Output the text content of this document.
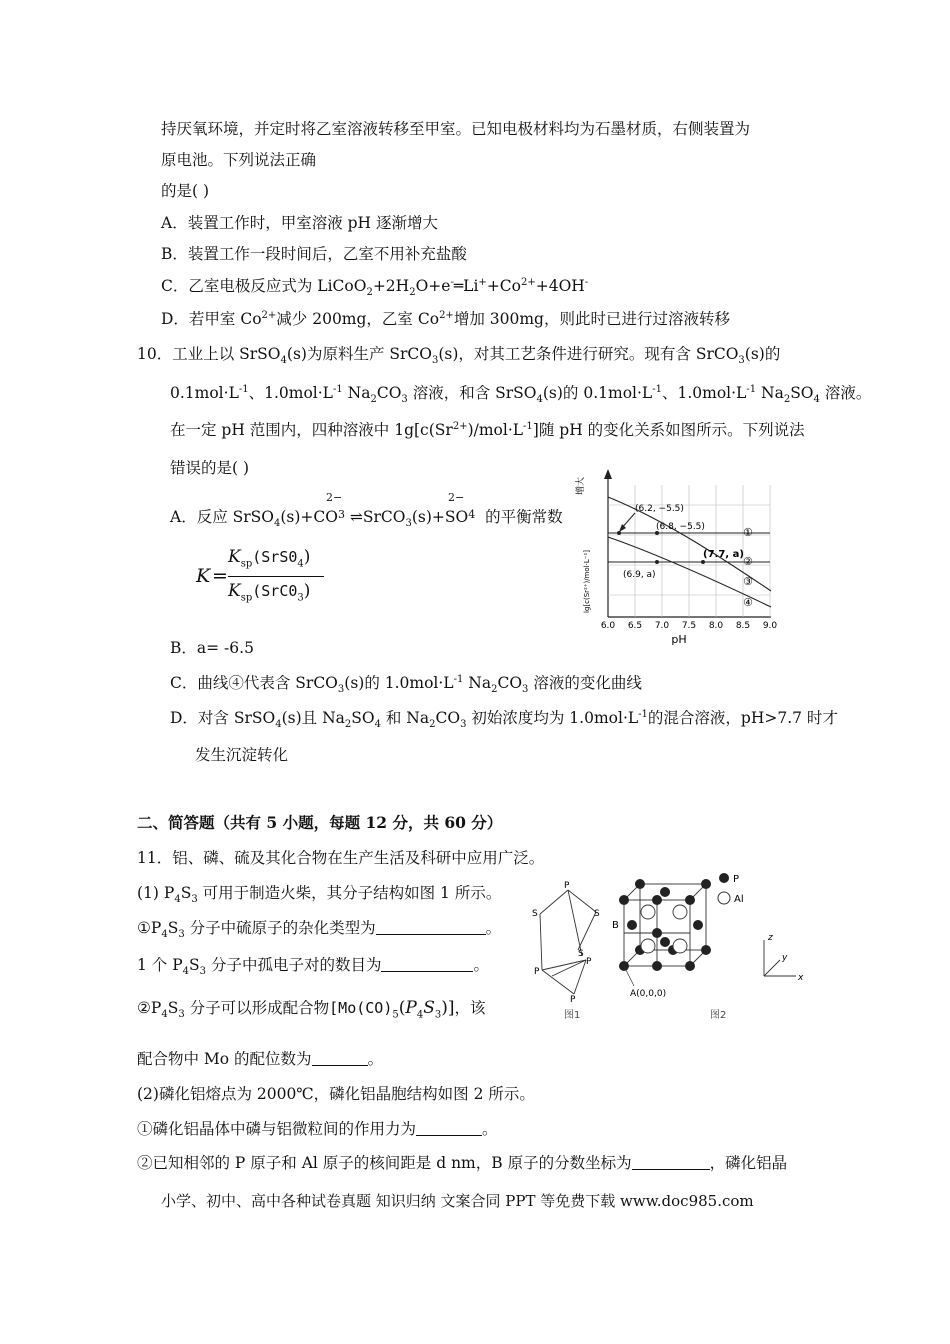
持厌氧环境，并定时将乙室溶液转移至甲室。已知电极材料均为石墨材质，右侧装置为
原电池。下列说法正确
的是( )
A．装置工作时，甲室溶液 pH 逐渐增大
B．装置工作一段时间后，乙室不用补充盐酸
C．乙室电极反应式为 $LiCoO_2+2H_2O+e^-═Li^++Co^{2+}+4OH^-$
D．若甲室 $Co^{2+}$减少 200mg，乙室 $Co^{2+}$增加 300mg，则此时已进行过溶液转移
10．工业上以 SrSO$_4$(s)为原料生产 SrCO$_3$(s)，对其工艺条件进行研究。现有含 SrCO$_3$(s)的
$0.1mol\cdot L^{-1}$、$1.0mol\cdot L^{-1}$ $Na_2CO_3$ 溶液，和含 SrSO$_4$(s)的 $0.1mol\cdot L^{-1}$、$1.0mol\cdot L^{-1}$ $Na_2SO_4$ 溶液。
在一定 pH 范围内，四种溶液中 $1g[c(Sr^{2+})/mol\cdot L^{-1}]$随 pH 的变化关系如图所示。下列说法
错误的是( )
2−	2−
A．反应 $SrSO_4(s)+CO^3$ $\rightleftharpoons SrCO_3(s)+SO^4$ 的平衡常数
K =
$K_{sp}(SrS0_4)$
$K_{sp}(SrC0_3)$
B．a= -6.5
C．曲线④代表含 SrCO$_3$(s)的 $1.0mol\cdot L^{-1}$ $Na_2CO_3$ 溶液的变化曲线
D．对含 SrSO$_4$(s)且 $Na_2SO_4$ 和 $Na_2CO_3$ 初始浓度均为 $1.0mol\cdot L^{-1}$的混合溶液，pH>7.7 时才
发生沉淀转化
增大
lg[c(Sr²⁺)/mol·L⁻¹]
(6.2, −5.5)
(6.8, −5.5)
(7.7, a)
(6.9, a)
①
②
③
④
6.0 6.5 7.0 7.5 8.0 8.5 9.0
pH
二、简答题（共有 5 小题，每题 12 分，共 60 分）
11．铝、磷、硫及其化合物在生产生活及科研中应用广泛。
(1) $P_4S_3$ 可用于制造火柴，其分子结构如图 1 所示。
$①P_4S_3$ 分子中硫原子的杂化类型为	。
1 个 $P_4S_3$ 分子中孤电子对的数目为	。
$②P_4S_3$ 分子可以形成配合物$[Mo(CO)_5(P_4S_3)]$，该
配合物中 Mo 的配位数为	。
(2)磷化铝熔点为 2000℃，磷化铝晶胞结构如图 2 所示。
①磷化铝晶体中磷与铝微粒间的作用力为	。
②已知相邻的 P 原子和 Al 原子的核间距是 d nm，B 原子的分数坐标为	，磷化铝晶
P
S	S
S
P
P
P
图1
P
Al
B
A(0,0,0)
z
y
x
图2
小学、初中、高中各种试卷真题 知识归纳 文案合同 PPT 等免费下载 www.doc985.com
